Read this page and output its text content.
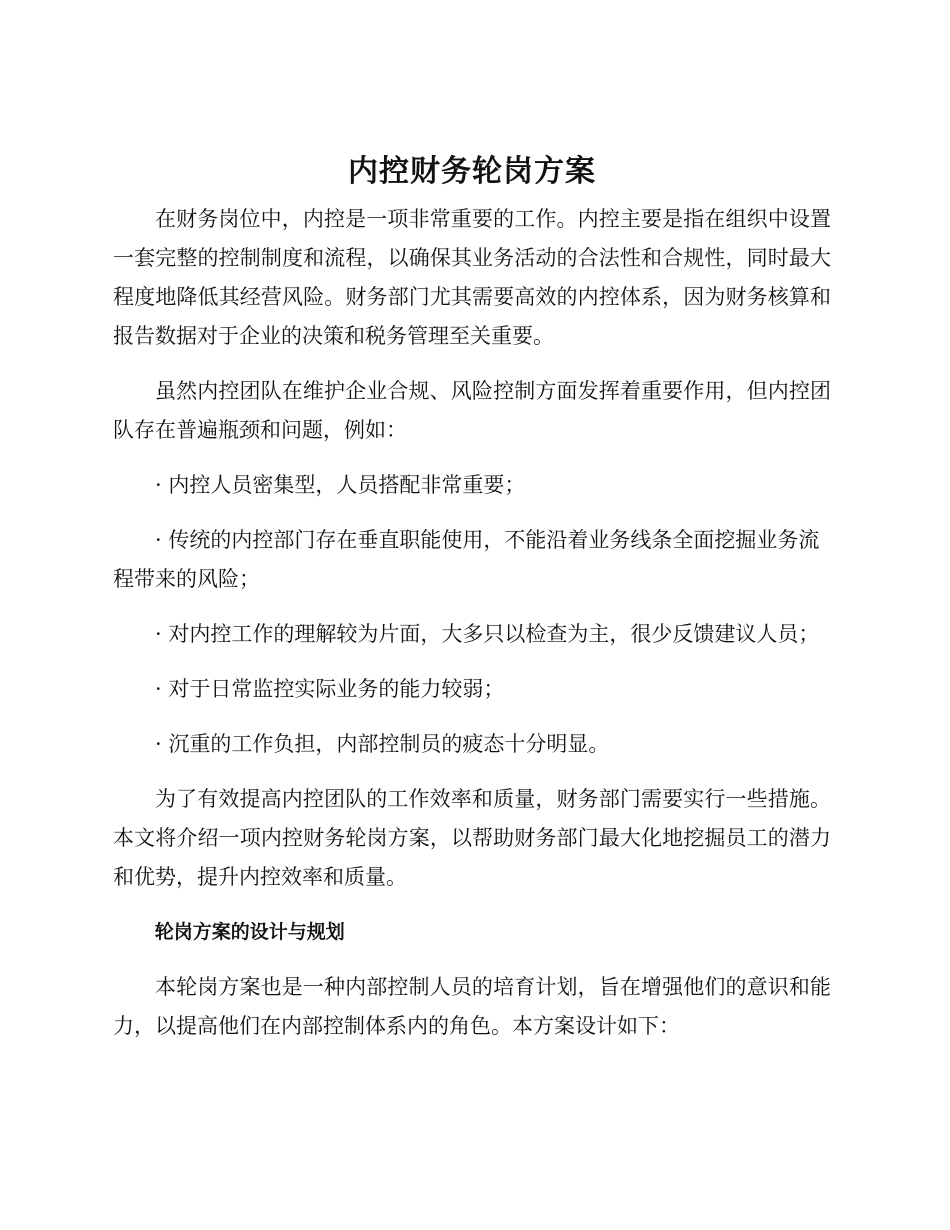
内控财务轮岗方案

在财务岗位中，内控是一项非常重要的工作。内控主要是指在组织中设置一套完整的控制制度和流程，以确保其业务活动的合法性和合规性，同时最大程度地降低其经营风险。财务部门尤其需要高效的内控体系，因为财务核算和报告数据对于企业的决策和税务管理至关重要。

虽然内控团队在维护企业合规、风险控制方面发挥着重要作用，但内控团队存在普遍瓶颈和问题，例如：

· 内控人员密集型，人员搭配非常重要；

· 传统的内控部门存在垂直职能使用，不能沿着业务线条全面挖掘业务流程带来的风险；

· 对内控工作的理解较为片面，大多只以检查为主，很少反馈建议人员；

· 对于日常监控实际业务的能力较弱；

· 沉重的工作负担，内部控制员的疲态十分明显。

为了有效提高内控团队的工作效率和质量，财务部门需要实行一些措施。本文将介绍一项内控财务轮岗方案，以帮助财务部门最大化地挖掘员工的潜力和优势，提升内控效率和质量。

轮岗方案的设计与规划

本轮岗方案也是一种内部控制人员的培育计划，旨在增强他们的意识和能力，以提高他们在内部控制体系内的角色。本方案设计如下：
